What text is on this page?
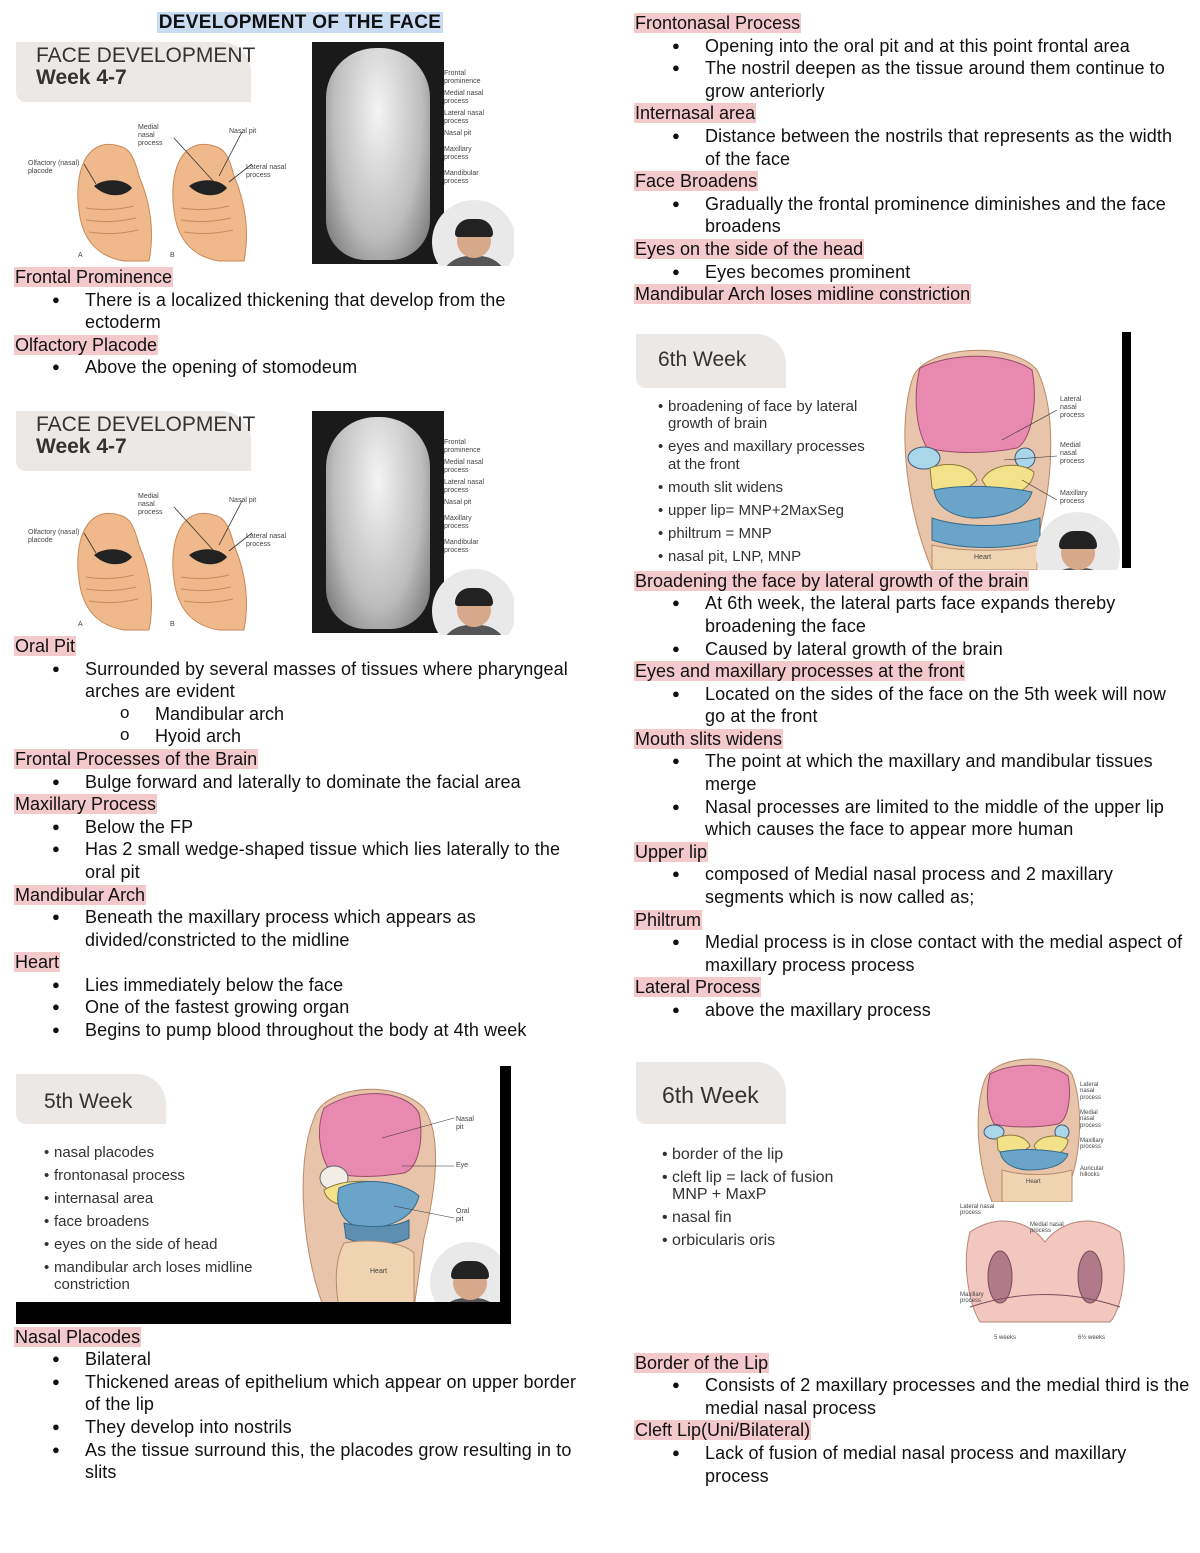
DEVELOPMENT OF THE FACE
FACE DEVELOPMENT
Week 4-7
Medial nasal process
Nasal pit
Olfactory (nasal) placode
Lateral nasal process
A	B
Frontal prominence
Medial nasal process
Lateral nasal process
Nasal pit
Maxillary process
Mandibular process
Frontal Prominence
● There is a localized thickening that develop from the ectoderm
Olfactory Placode
● Above the opening of stomodeum
FACE DEVELOPMENT
Week 4-7
Medial nasal process
Nasal pit
Olfactory (nasal) placode
Lateral nasal process
A	B
Frontal prominence
Medial nasal process
Lateral nasal process
Nasal pit
Maxillary process
Mandibular process
Oral Pit
● Surrounded by several masses of tissues where pharyngeal arches are evident
o Mandibular arch
o Hyoid arch
Frontal Processes of the Brain
● Bulge forward and laterally to dominate the facial area
Maxillary Process
● Below the FP
● Has 2 small wedge-shaped tissue which lies laterally to the oral pit
Mandibular Arch
● Beneath the maxillary process which appears as divided/constricted to the midline
Heart
● Lies immediately below the face
● One of the fastest growing organ
● Begins to pump blood throughout the body at 4th week
5th Week
• nasal placodes
• frontonasal process
• internasal area
• face broadens
• eyes on the side of head
• mandibular arch loses midline constriction
Nasal pit
Eye
Oral pit
Heart
Nasal Placodes
● Bilateral
● Thickened areas of epithelium which appear on upper border of the lip
● They develop into nostrils
● As the tissue surround this, the placodes grow resulting in to slits
Frontonasal Process
● Opening into the oral pit and at this point frontal area
● The nostril deepen as the tissue around them continue to grow anteriorly
Internasal area
● Distance between the nostrils that represents as the width of the face
Face Broadens
● Gradually the frontal prominence diminishes and the face broadens
Eyes on the side of the head
● Eyes becomes prominent
Mandibular Arch loses midline constriction
6th Week
• broadening of face by lateral growth of brain
• eyes and maxillary processes at the front
• mouth slit widens
• upper lip= MNP+2MaxSeg
• philtrum = MNP
• nasal pit, LNP, MNP
Lateral nasal process
Medial nasal process
Maxillary process
Heart
Broadening the face by lateral growth of the brain
● At 6th week, the lateral parts face expands thereby broadening the face
● Caused by lateral growth of the brain
Eyes and maxillary processes at the front
● Located on the sides of the face on the 5th week will now go at the front
Mouth slits widens
● The point at which the maxillary and mandibular tissues merge
● Nasal processes are limited to the middle of the upper lip which causes the face to appear more human
Upper lip
● composed of Medial nasal process and 2 maxillary segments which is now called as;
Philtrum
● Medial process is in close contact with the medial aspect of maxillary process process
Lateral Process
● above the maxillary process
6th Week
• border of the lip
• cleft lip = lack of fusion MNP + MaxP
• nasal fin
• orbicularis oris
Lateral nasal process
Medial nasal process
Maxillary process
Auricular hillocks
Heart
Lateral nasal process
Medial nasal process
Maxillary process
5 weeks	6½ weeks
Border of the Lip
● Consists of 2 maxillary processes and the medial third is the medial nasal process
Cleft Lip(Uni/Bilateral)
● Lack of fusion of medial nasal process and maxillary process
